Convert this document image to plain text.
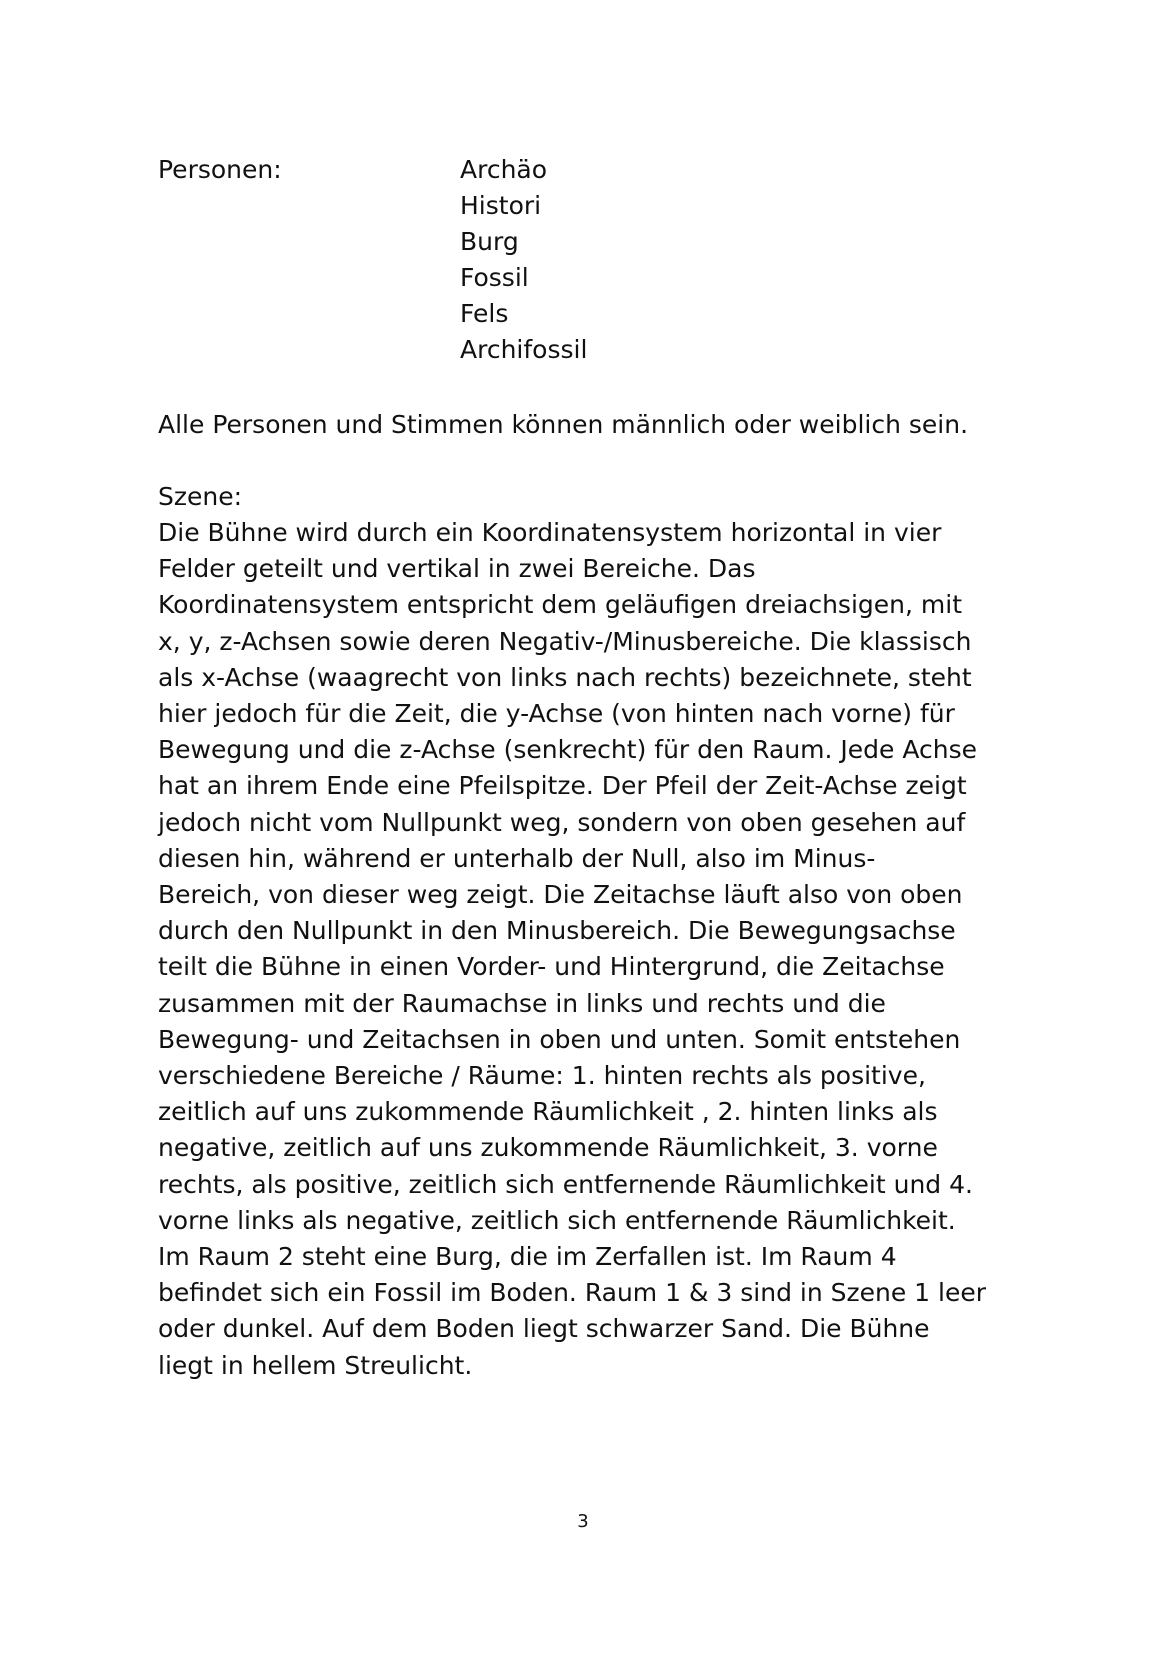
Personen:	Archäo
Histori
Burg
Fossil
Fels
Archifossil
Alle Personen und Stimmen können männlich oder weiblich sein.
Szene:
Die Bühne wird durch ein Koordinatensystem horizontal in vier
Felder geteilt und vertikal in zwei Bereiche. Das
Koordinatensystem entspricht dem geläufigen dreiachsigen, mit
x, y, z-Achsen sowie deren Negativ-/Minusbereiche. Die klassisch
als x-Achse (waagrecht von links nach rechts) bezeichnete, steht
hier jedoch für die Zeit, die y-Achse (von hinten nach vorne) für
Bewegung und die z-Achse (senkrecht) für den Raum. Jede Achse
hat an ihrem Ende eine Pfeilspitze. Der Pfeil der Zeit-Achse zeigt
jedoch nicht vom Nullpunkt weg, sondern von oben gesehen auf
diesen hin, während er unterhalb der Null, also im Minus-
Bereich, von dieser weg zeigt. Die Zeitachse läuft also von oben
durch den Nullpunkt in den Minusbereich. Die Bewegungsachse
teilt die Bühne in einen Vorder- und Hintergrund, die Zeitachse
zusammen mit der Raumachse in links und rechts und die
Bewegung- und Zeitachsen in oben und unten. Somit entstehen
verschiedene Bereiche / Räume: 1. hinten rechts als positive,
zeitlich auf uns zukommende Räumlichkeit , 2. hinten links als
negative, zeitlich auf uns zukommende Räumlichkeit, 3. vorne
rechts, als positive, zeitlich sich entfernende Räumlichkeit und 4.
vorne links als negative, zeitlich sich entfernende Räumlichkeit.
Im Raum 2 steht eine Burg, die im Zerfallen ist. Im Raum 4
befindet sich ein Fossil im Boden. Raum 1 & 3 sind in Szene 1 leer
oder dunkel. Auf dem Boden liegt schwarzer Sand. Die Bühne
liegt in hellem Streulicht.
3
